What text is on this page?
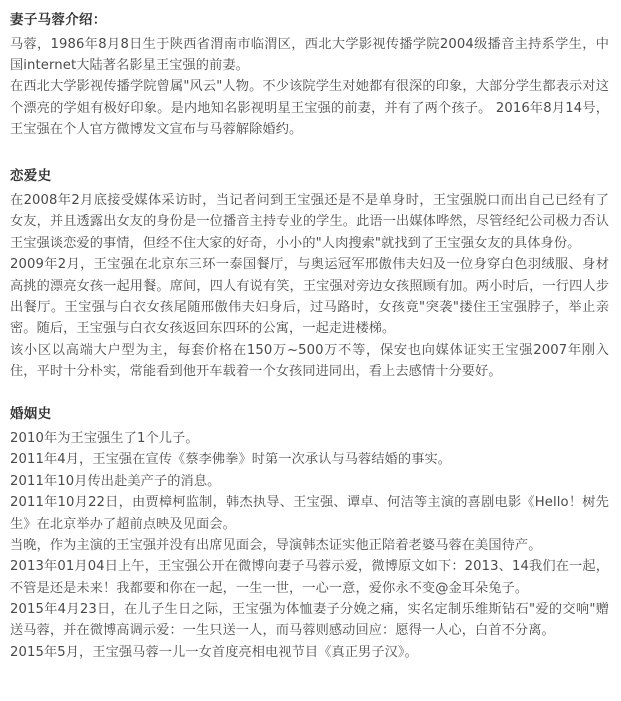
妻子马蓉介绍：

马蓉，1986年8月8日生于陕西省渭南市临渭区，西北大学影视传播学院2004级播音主持系学生，中国internet大陆著名影星王宝强的前妻。

在西北大学影视传播学院曾属"风云"人物。不少该院学生对她都有很深的印象，大部分学生都表示对这个漂亮的学姐有极好印象。是内地知名影视明星王宝强的前妻，并有了两个孩子。 2016年8月14号，王宝强在个人官方微博发文宣布与马蓉解除婚约。

恋爱史

在2008年2月底接受媒体采访时，当记者问到王宝强还是不是单身时，王宝强脱口而出自己已经有了女友，并且透露出女友的身份是一位播音主持专业的学生。此语一出媒体哗然，尽管经纪公司极力否认王宝强谈恋爱的事情，但经不住大家的好奇，小小的"人肉搜索"就找到了王宝强女友的具体身份。

2009年2月，王宝强在北京东三环一泰国餐厅，与奥运冠军邢傲伟夫妇及一位身穿白色羽绒服、身材高挑的漂亮女孩一起用餐。席间，四人有说有笑，王宝强对旁边女孩照顾有加。两小时后，一行四人步出餐厅。王宝强与白衣女孩尾随邢傲伟夫妇身后，过马路时，女孩竟"突袭"搂住王宝强脖子，举止亲密。随后，王宝强与白衣女孩返回东四环的公寓，一起走进楼梯。

该小区以高端大户型为主，每套价格在150万~500万不等，保安也向媒体证实王宝强2007年刚入住，平时十分朴实，常能看到他开车载着一个女孩同进同出，看上去感情十分要好。

婚姻史

2010年为王宝强生了1个儿子。

2011年4月，王宝强在宣传《蔡李佛拳》时第一次承认与马蓉结婚的事实。

2011年10月传出赴美产子的消息。

2011年10月22日，由贾樟柯监制，韩杰执导、王宝强、谭卓、何洁等主演的喜剧电影《Hello！树先生》在北京举办了超前点映及见面会。

当晚，作为主演的王宝强并没有出席见面会，导演韩杰证实他正陪着老婆马蓉在美国待产。

2013年01月04日上午，王宝强公开在微博向妻子马蓉示爱，微博原文如下：2013、14我们在一起，不管是还是未来！我都要和你在一起，一生一世，一心一意，爱你永不变@金耳朵兔子。

2015年4月23日，在儿子生日之际，王宝强为体恤妻子分娩之痛，实名定制乐维斯钻石"爱的交响"赠送马蓉，并在微博高调示爱：一生只送一人，而马蓉则感动回应：愿得一人心，白首不分离。

2015年5月，王宝强马蓉一儿一女首度亮相电视节目《真正男子汉》。
